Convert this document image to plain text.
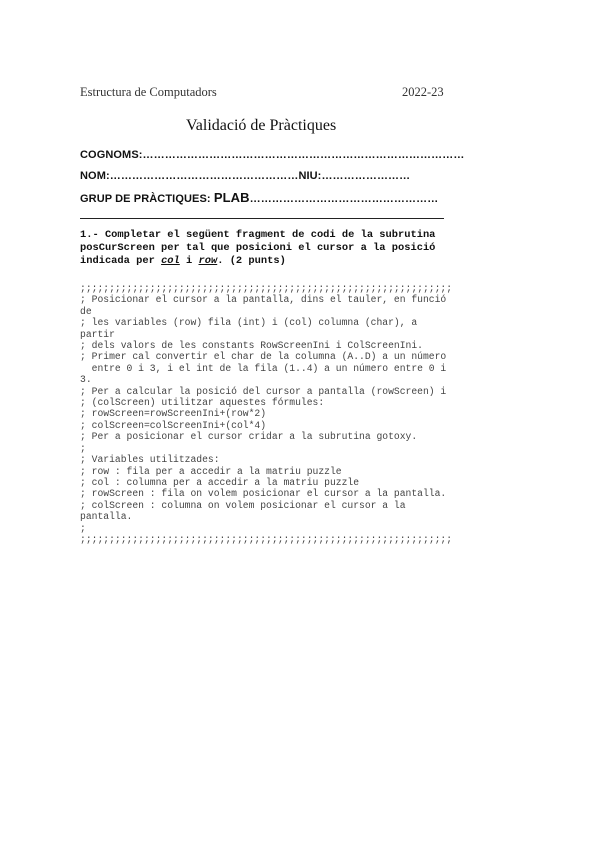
Estructura de Computadors	2022-23
Validació de Pràctiques
COGNOMS:……………………………………………………………………………
NOM:……………………………………………NIU:……………………
GRUP DE PRÀCTIQUES: PLAB……………………………………………
1.- Completar el següent fragment de codi de la subrutina posCurScreen per tal que posicioni el cursor a la posició indicada per col i row. (2 punts)
;;;;;;;;;;;;;;;;;;;;;;;;;;;;;;;;;;;;;;;;;;;;;;;;;;;;;;;;;;;;;;;;
; Posicionar el cursor a la pantalla, dins el tauler, en funció
de
; les variables (row) fila (int) i (col) columna (char), a
partir
; dels valors de les constants RowScreenIni i ColScreenIni.
; Primer cal convertir el char de la columna (A..D) a un número
entre 0 i 3, i el int de la fila (1..4) a un número entre 0 i
3.
; Per a calcular la posició del cursor a pantalla (rowScreen) i
; (colScreen) utilitzar aquestes fórmules:
; rowScreen=rowScreenIni+(row*2)
; colScreen=colScreenIni+(col*4)
; Per a posicionar el cursor cridar a la subrutina gotoxy.
;
; Variables utilitzades:
; row : fila per a accedir a la matriu puzzle
; col : columna per a accedir a la matriu puzzle
; rowScreen : fila on volem posicionar el cursor a la pantalla.
; colScreen : columna on volem posicionar el cursor a la
pantalla.
;
;;;;;;;;;;;;;;;;;;;;;;;;;;;;;;;;;;;;;;;;;;;;;;;;;;;;;;;;;;;;;;;;
